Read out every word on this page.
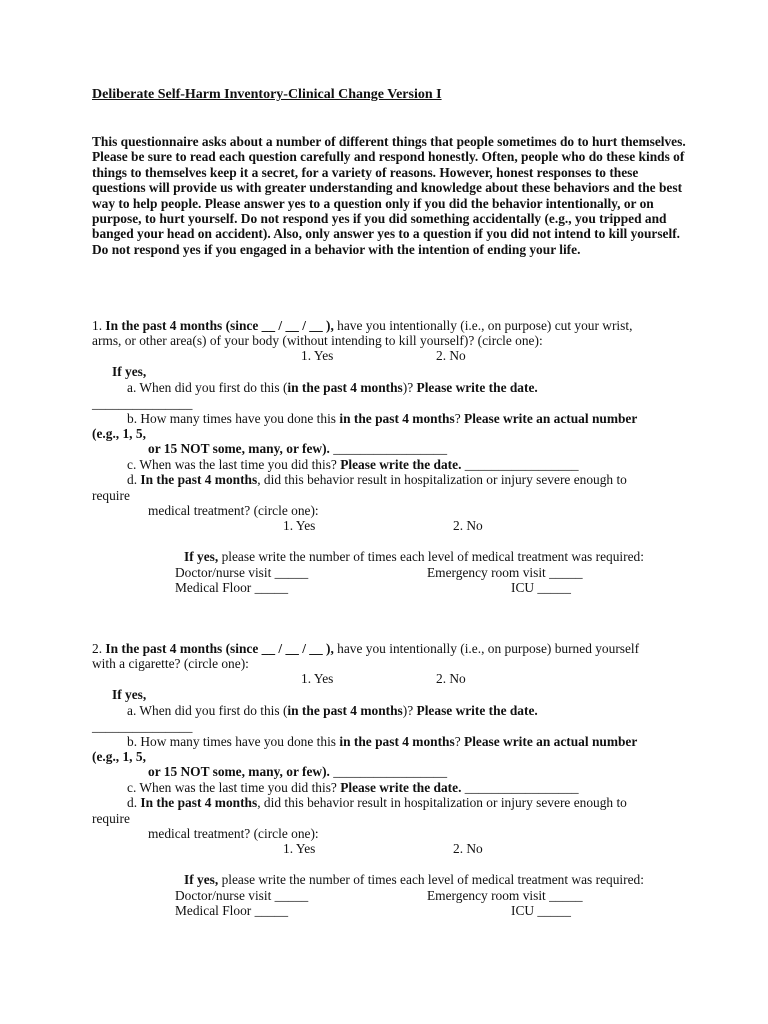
Deliberate Self-Harm Inventory-Clinical Change Version I
This questionnaire asks about a number of different things that people sometimes do to hurt themselves. Please be sure to read each question carefully and respond honestly. Often, people who do these kinds of things to themselves keep it a secret, for a variety of reasons. However, honest responses to these questions will provide us with greater understanding and knowledge about these behaviors and the best way to help people. Please answer yes to a question only if you did the behavior intentionally, or on purpose, to hurt yourself. Do not respond yes if you did something accidentally (e.g., you tripped and banged your head on accident). Also, only answer yes to a question if you did not intend to kill yourself. Do not respond yes if you engaged in a behavior with the intention of ending your life.
1. In the past 4 months (since __ / __ / __ ), have you intentionally (i.e., on purpose) cut your wrist,
arms, or other area(s) of your body (without intending to kill yourself)? (circle one):
1. Yes	2. No
If yes,
a. When did you first do this (in the past 4 months)? Please write the date.
_______________
b. How many times have you done this in the past 4 months? Please write an actual number
(e.g., 1, 5,
or 15 NOT some, many, or few). _________________
c. When was the last time you did this? Please write the date. _________________
d. In the past 4 months, did this behavior result in hospitalization or injury severe enough to
require
medical treatment? (circle one):
1. Yes	2. No
If yes, please write the number of times each level of medical treatment was required:
Doctor/nurse visit _____	Emergency room visit _____
Medical Floor _____	ICU _____
2. In the past 4 months (since __ / __ / __ ), have you intentionally (i.e., on purpose) burned yourself
with a cigarette? (circle one):
1. Yes	2. No
If yes,
a. When did you first do this (in the past 4 months)? Please write the date.
_______________
b. How many times have you done this in the past 4 months? Please write an actual number
(e.g., 1, 5,
or 15 NOT some, many, or few). _________________
c. When was the last time you did this? Please write the date. _________________
d. In the past 4 months, did this behavior result in hospitalization or injury severe enough to
require
medical treatment? (circle one):
1. Yes	2. No
If yes, please write the number of times each level of medical treatment was required:
Doctor/nurse visit _____	Emergency room visit _____
Medical Floor _____	ICU _____
